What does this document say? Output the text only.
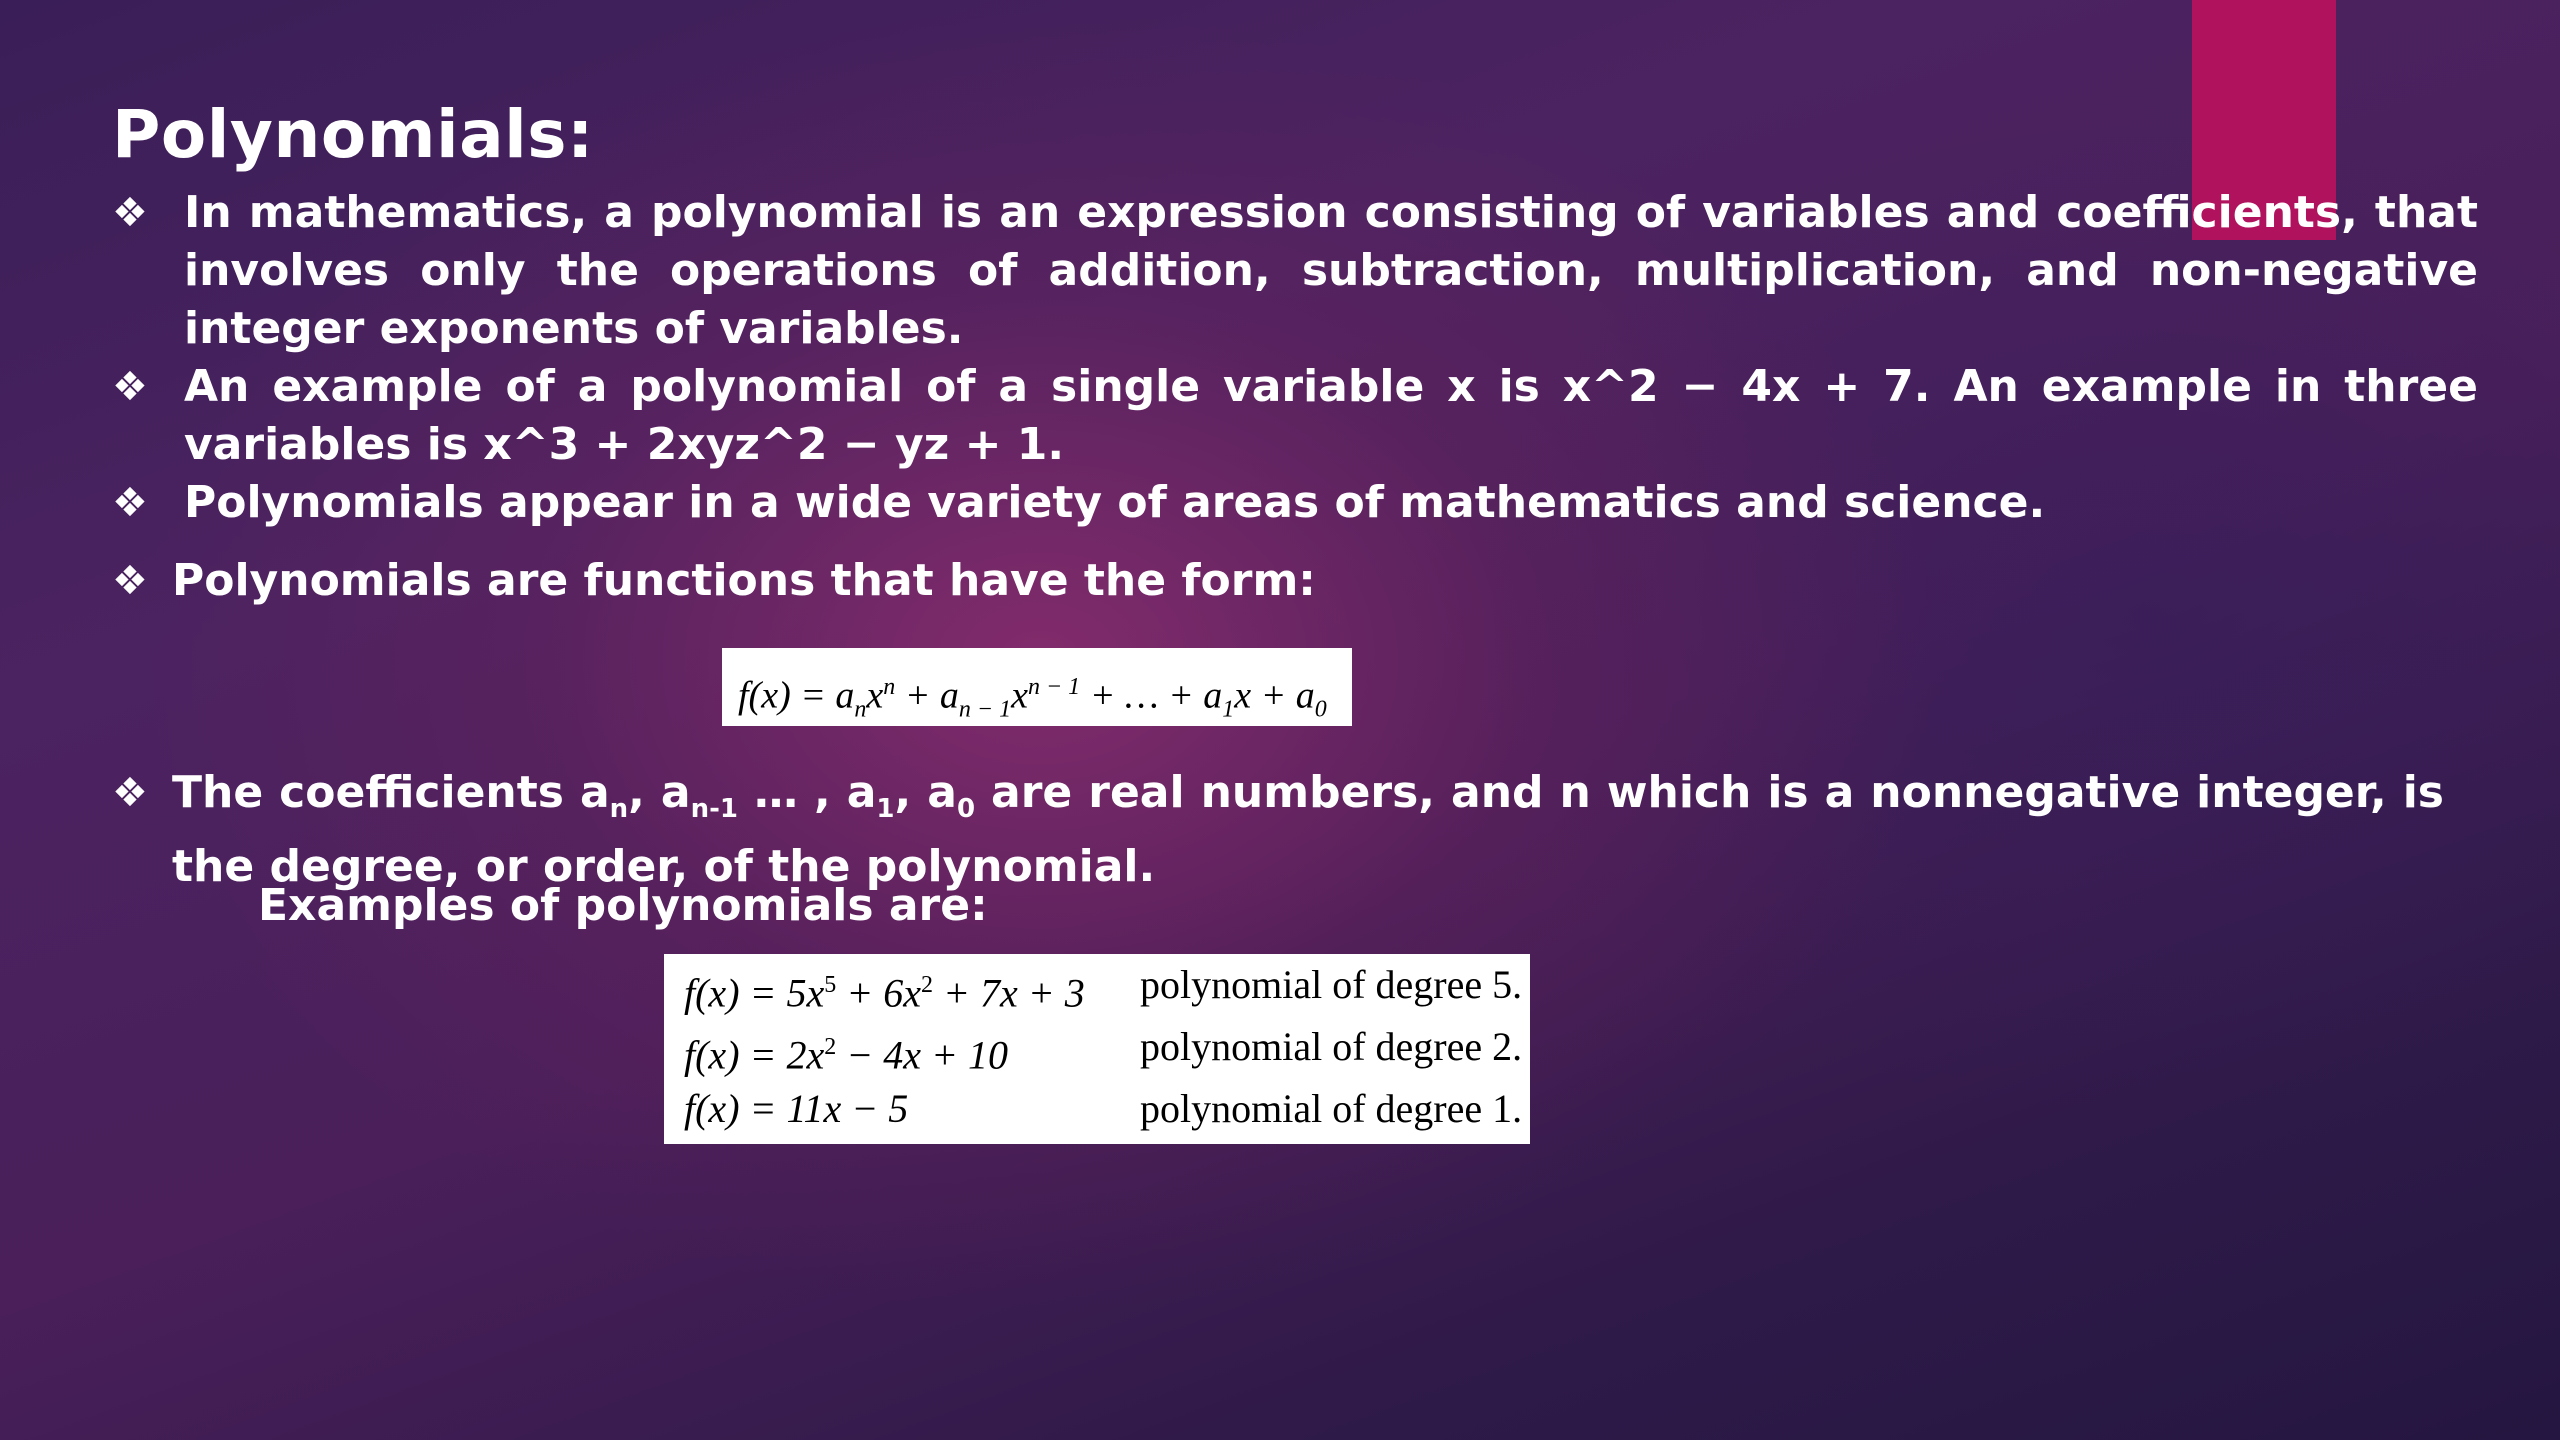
Polynomials:
❖ In mathematics, a polynomial is an expression consisting of variables and coefficients, that involves only the operations of addition, subtraction, multiplication, and non-negative integer exponents of variables.
❖ An example of a polynomial of a single variable x is x^2 − 4x + 7. An example in three variables is x^3 + 2xyz^2 − yz + 1.
❖ Polynomials appear in a wide variety of areas of mathematics and science.
❖ Polynomials are functions that have the form:
$f(x) = a_nx^n + a_{n - 1}x^{n - 1}$ + … + $a_1x + a_0$
❖ The coefficients $a_n$, $a_{n-1}$ … , $a_1$, $a_0$ are real numbers, and n which is a nonnegative integer, is the degree, or order, of the polynomial.
Examples of polynomials are:
$f(x) = 5x^5 + 6x^2 + 7x + 3$ polynomial of degree 5.
$f(x) = 2x^2 - 4x + 10$	polynomial of degree 2.
f(x) = 11x − 5	polynomial of degree 1.
